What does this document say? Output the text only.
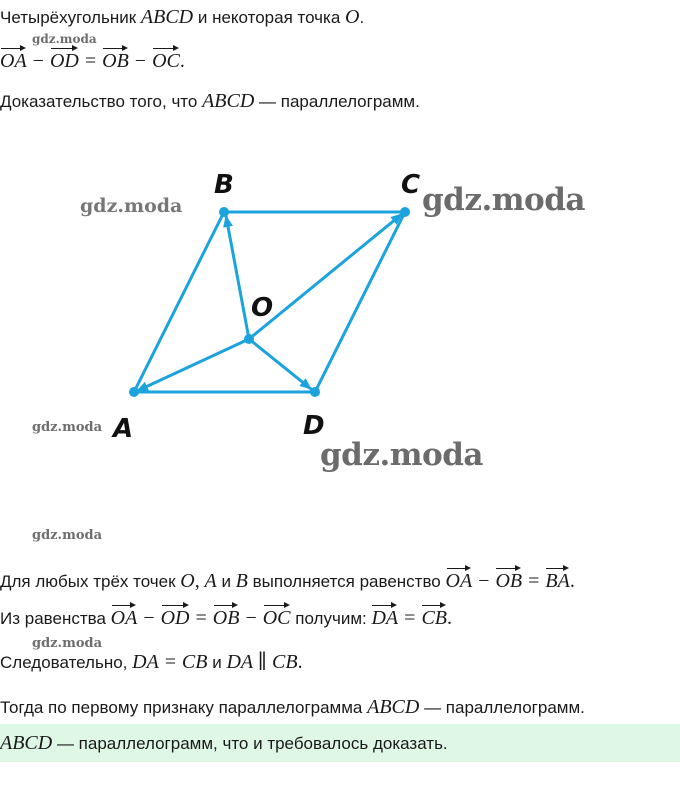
Четырёхугольник ABCD и некоторая точка O.
OA − OD = OB − OC.
gdz.moda
Доказательство того, что ABCD — параллелограмм.
B	C
O
A	D
gdz.moda	gdz.moda
gdz.moda
gdz.moda
gdz.moda
Для любых трёх точек O, A и B выполняется равенство OA − OB = BA.
Из равенства OA − OD = OB − OC получим: DA = CB.
gdz.moda
Следовательно, DA = CB и DA ∥ CB.
Тогда по первому признаку параллелограмма ABCD — параллелограмм.
ABCD — параллелограмм, что и требовалось доказать.
